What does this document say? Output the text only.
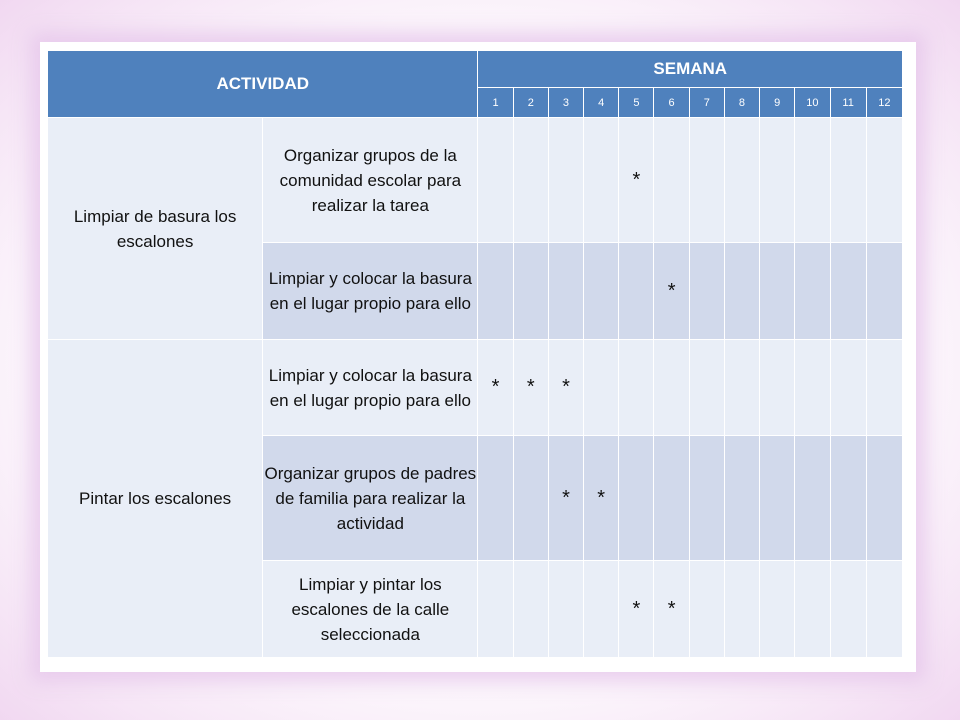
ACTIVIDAD		SEMANA											
		1	2	3	4	5	6	7	8	9	10	11	12
Limpiar de basura los escalones	Organizar grupos de la comunidad escolar para realizar la tarea					*							
	Limpiar y colocar la basura en el lugar propio para ello						*						
Pintar los escalones	Limpiar y colocar la basura en el lugar propio para ello	*	*	*									
	Organizar grupos de padres de familia para realizar la actividad			*	*								
	Limpiar y pintar los escalones de la calle seleccionada					*	*						
